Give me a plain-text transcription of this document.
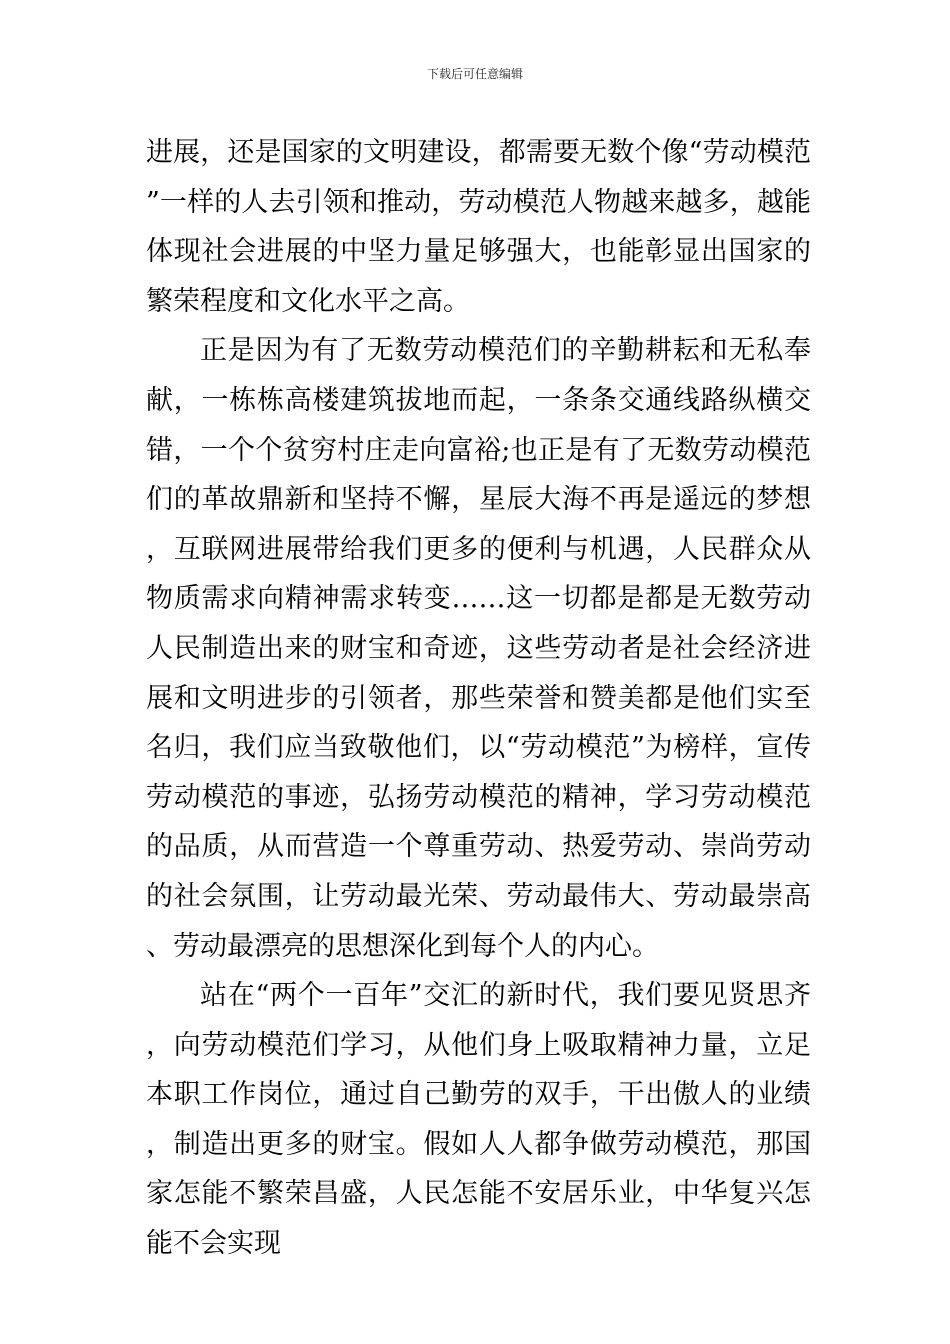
下载后可任意编辑

进展，还是国家的文明建设，都需要无数个像“劳动模范”一样的人去引领和推动，劳动模范人物越来越多，越能体现社会进展的中坚力量足够强大，也能彰显出国家的繁荣程度和文化水平之高。

正是因为有了无数劳动模范们的辛勤耕耘和无私奉献，一栋栋高楼建筑拔地而起，一条条交通线路纵横交错，一个个贫穷村庄走向富裕;也正是有了无数劳动模范们的革故鼎新和坚持不懈，星辰大海不再是遥远的梦想，互联网进展带给我们更多的便利与机遇，人民群众从物质需求向精神需求转变……这一切都是都是无数劳动人民制造出来的财宝和奇迹，这些劳动者是社会经济进展和文明进步的引领者，那些荣誉和赞美都是他们实至名归，我们应当致敬他们，以“劳动模范”为榜样，宣传劳动模范的事迹，弘扬劳动模范的精神，学习劳动模范的品质，从而营造一个尊重劳动、热爱劳动、崇尚劳动的社会氛围，让劳动最光荣、劳动最伟大、劳动最崇高、劳动最漂亮的思想深化到每个人的内心。

站在“两个一百年”交汇的新时代，我们要见贤思齐，向劳动模范们学习，从他们身上吸取精神力量，立足本职工作岗位，通过自己勤劳的双手，干出傲人的业绩，制造出更多的财宝。假如人人都争做劳动模范，那国家怎能不繁荣昌盛，人民怎能不安居乐业，中华复兴怎能不会实现
